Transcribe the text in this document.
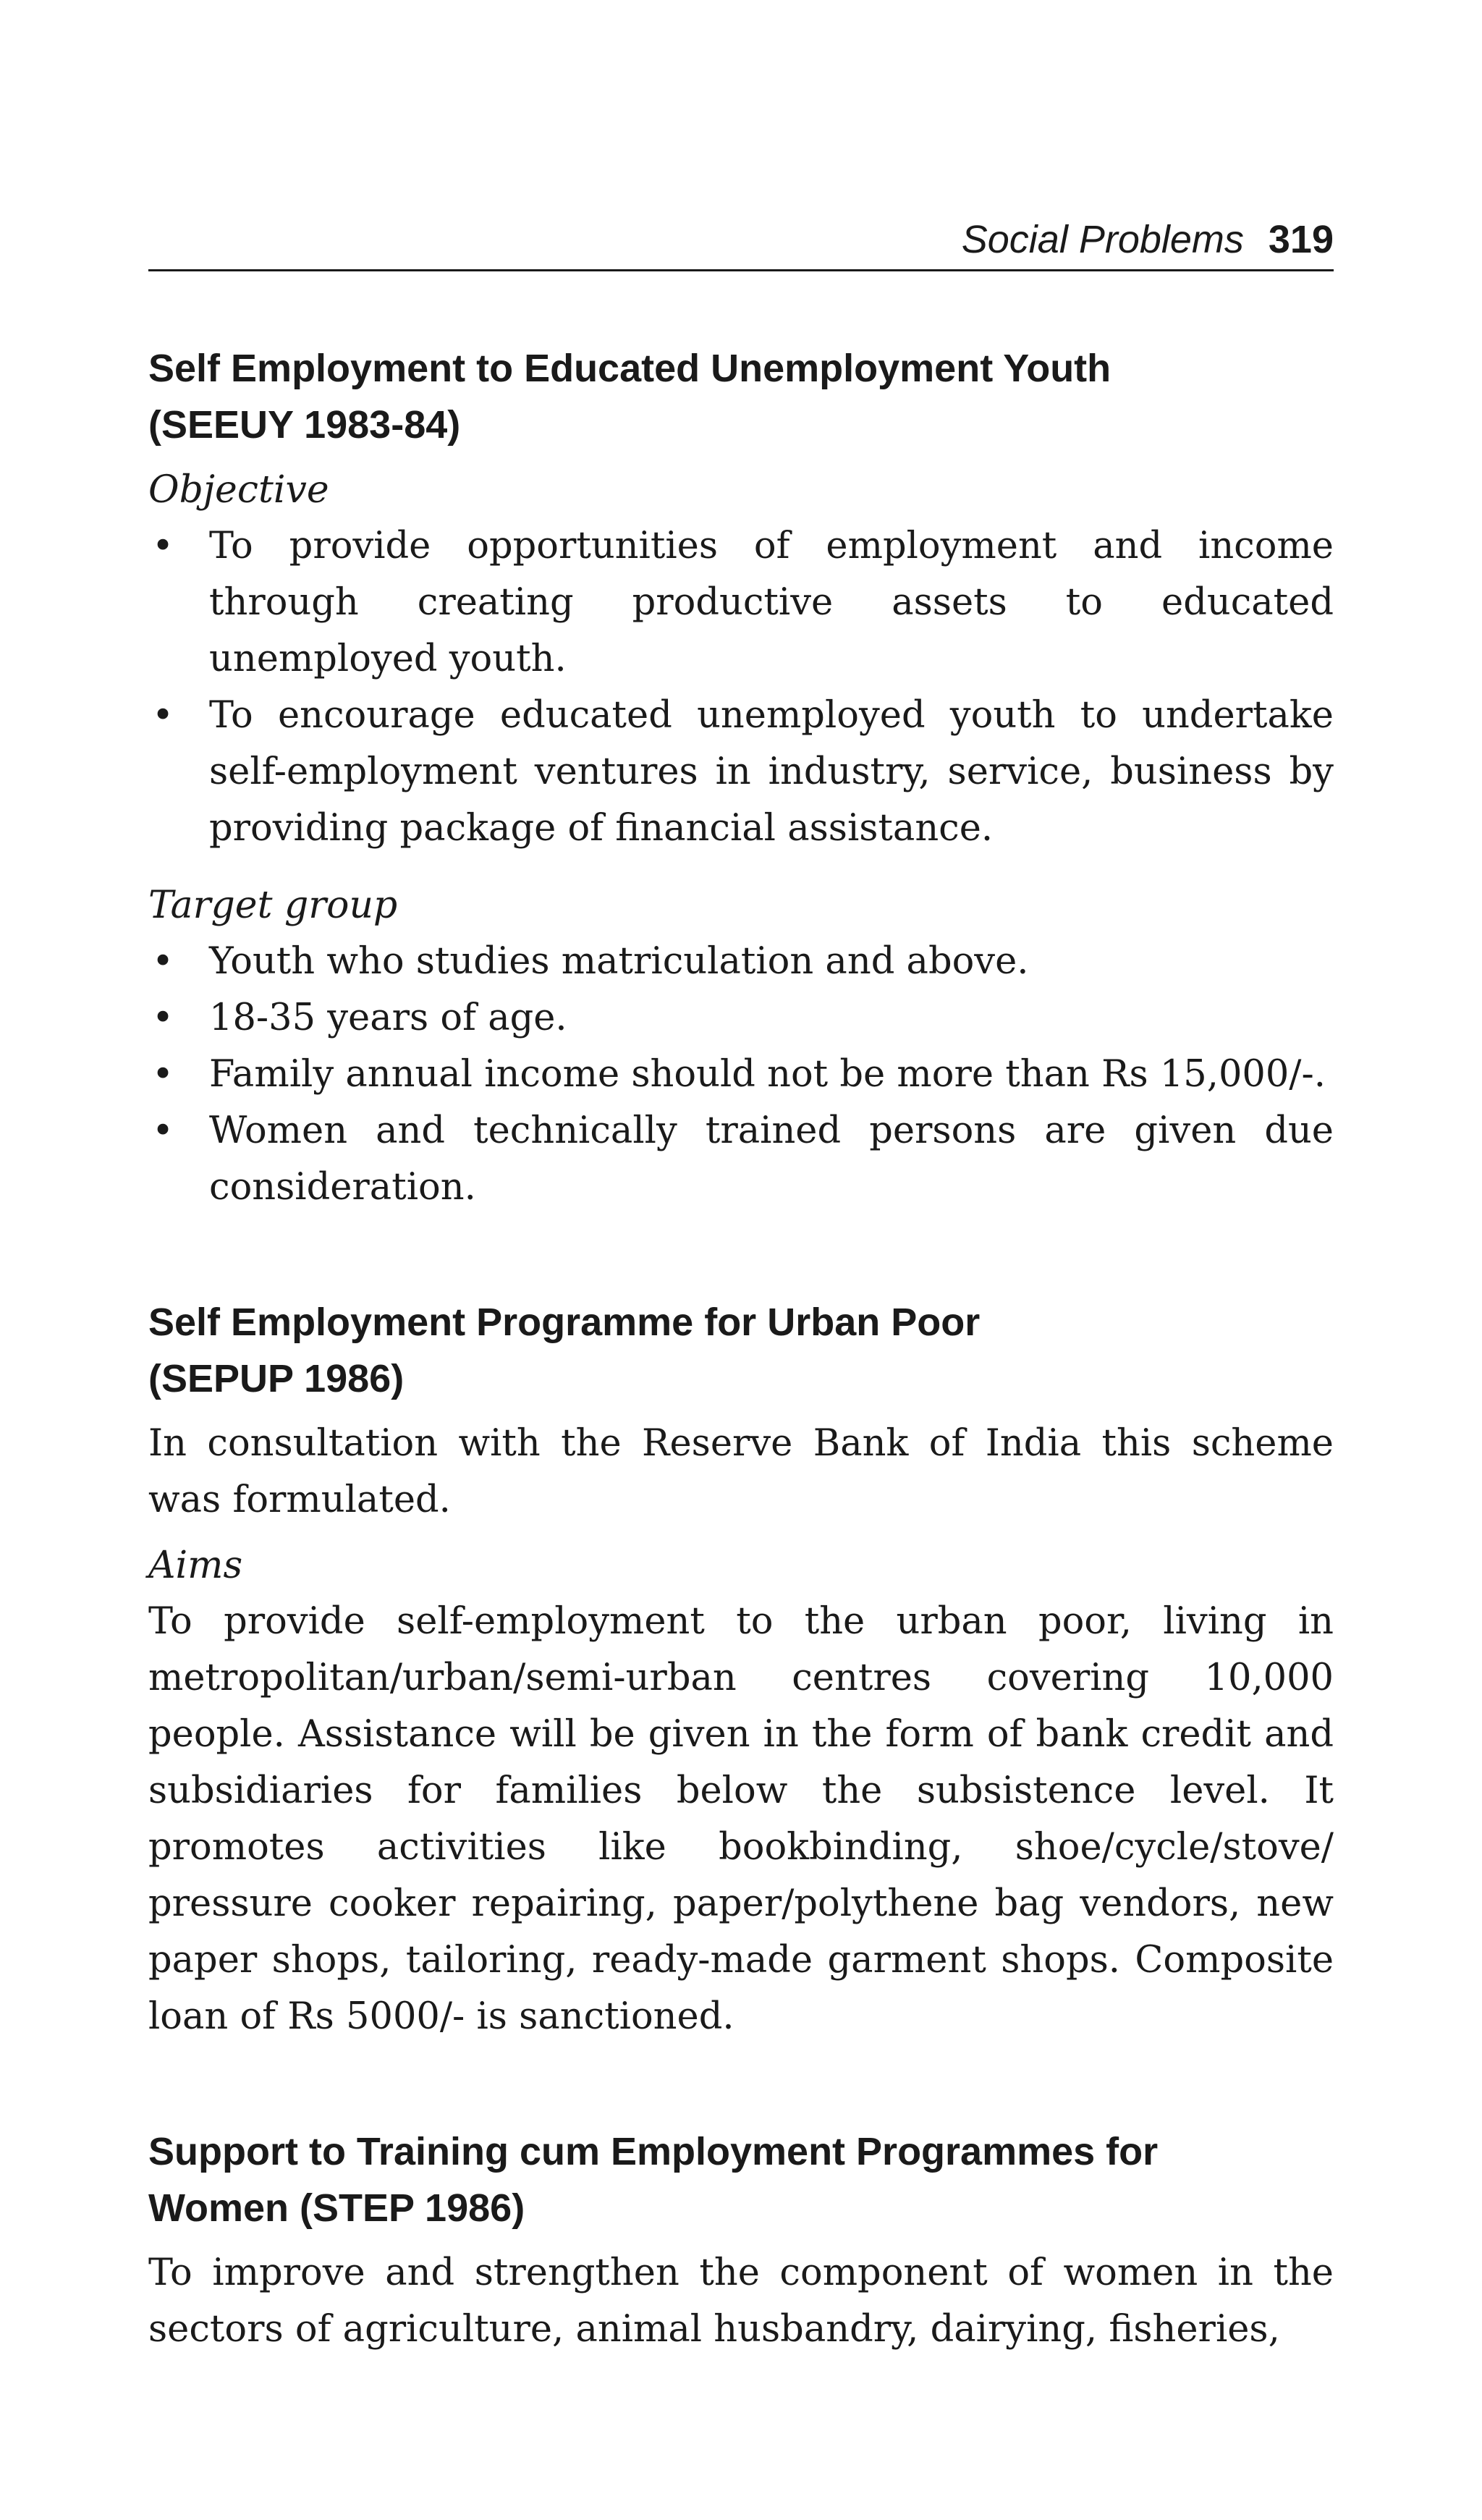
Social Problems 319
Self Employment to Educated Unemployment Youth
(SEEUY 1983-84)

Objective

• To provide opportunities of employment and income through creating productive assets to educated unemployed youth.
• To encourage educated unemployed youth to undertake self-employment ventures in industry, service, business by providing package of financial assistance.

Target group

• Youth who studies matriculation and above.
• 18-35 years of age.
• Family annual income should not be more than Rs 15,000/-.
• Women and technically trained persons are given due consideration.
Self Employment Programme for Urban Poor
(SEPUP 1986)

In consultation with the Reserve Bank of India this scheme was formulated.

Aims

To provide self-employment to the urban poor, living in metropolitan/urban/semi-urban centres covering 10,000 people. Assistance will be given in the form of bank credit and subsidiaries for families below the subsistence level. It promotes activities like bookbinding, shoe/cycle/stove/ pressure cooker repairing, paper/polythene bag vendors, new paper shops, tailoring, ready-made garment shops. Composite loan of Rs 5000/- is sanctioned.

Support to Training cum Employment Programmes for
Women (STEP 1986)

To improve and strengthen the component of women in the sectors of agriculture, animal husbandry, dairying, fisheries,
